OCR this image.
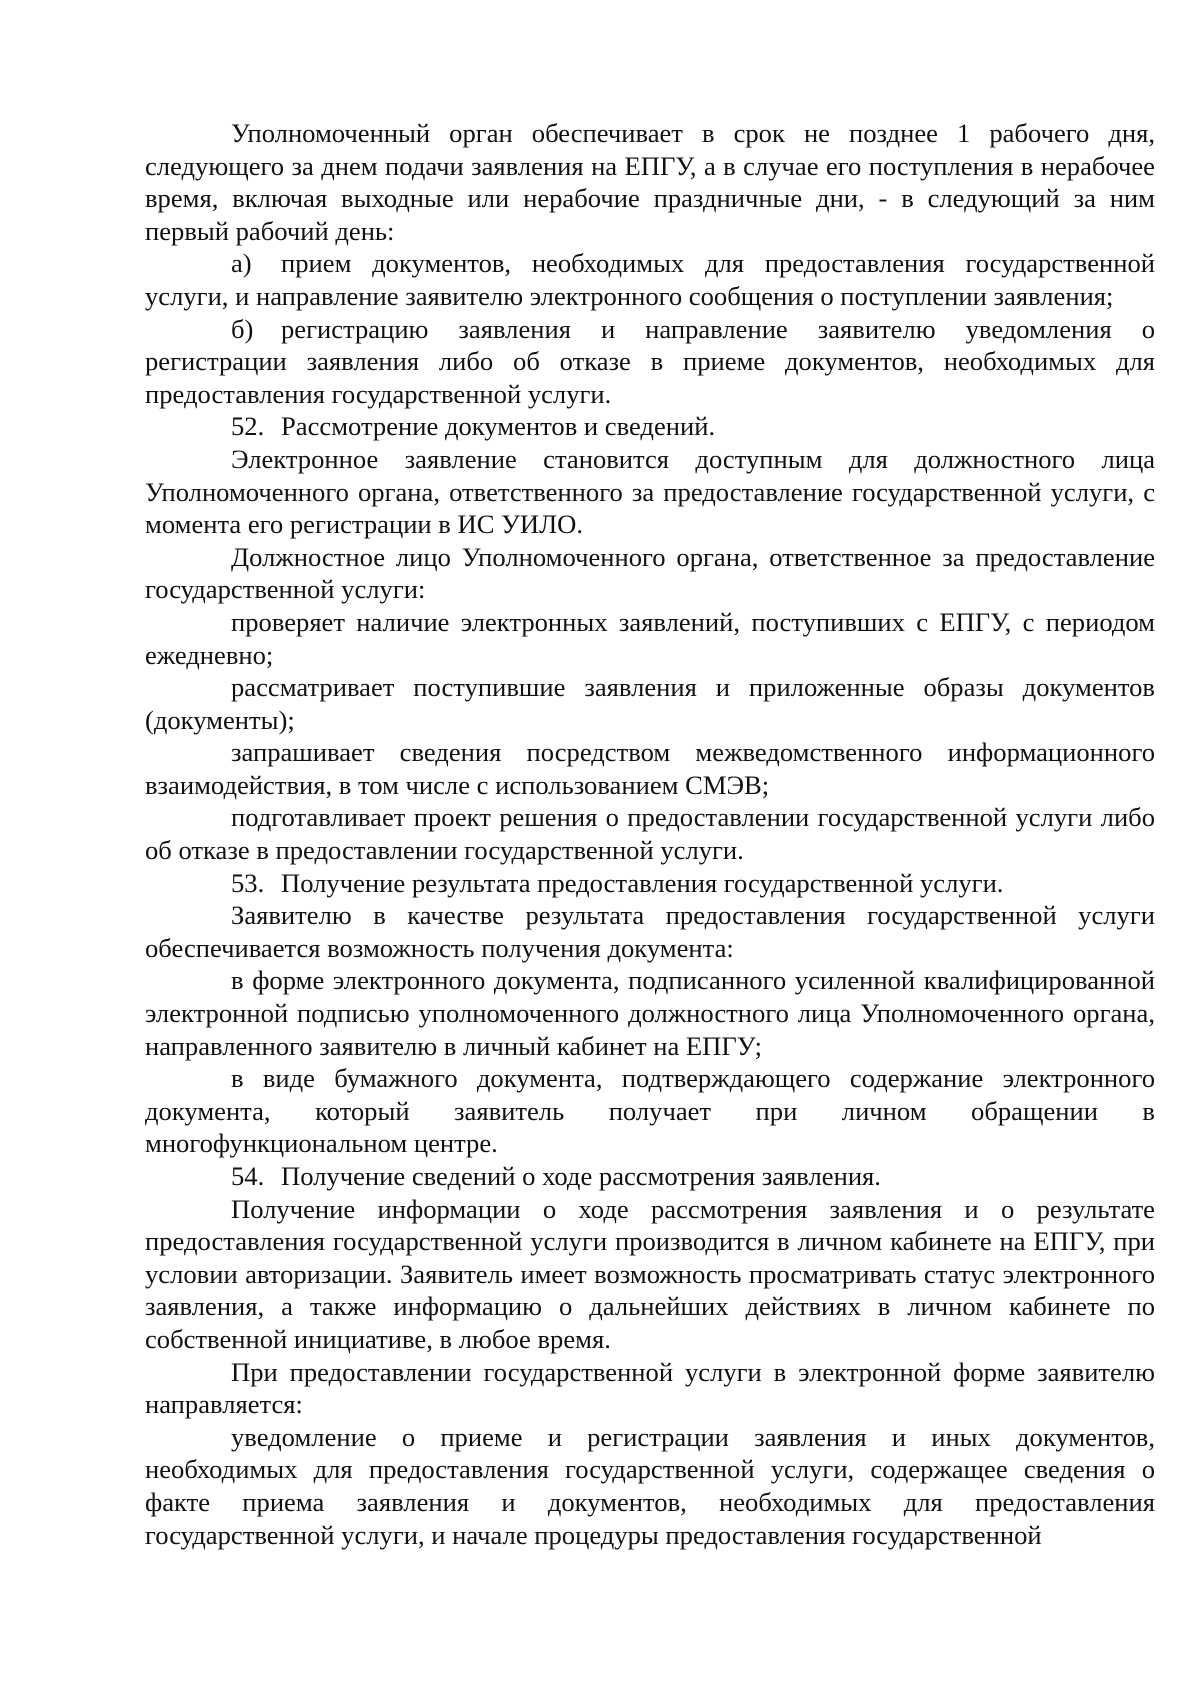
Уполномоченный орган обеспечивает в срок не позднее 1 рабочего дня, следующего за днем подачи заявления на ЕПГУ, а в случае его поступления в нерабочее время, включая выходные или нерабочие праздничные дни, - в следующий за ним первый рабочий день:

а) прием документов, необходимых для предоставления государственной услуги, и направление заявителю электронного сообщения о поступлении заявления;

б) регистрацию заявления и направление заявителю уведомления о регистрации заявления либо об отказе в приеме документов, необходимых для предоставления государственной услуги.

52. Рассмотрение документов и сведений.

Электронное заявление становится доступным для должностного лица Уполномоченного органа, ответственного за предоставление государственной услуги, с момента его регистрации в ИС УИЛО.

Должностное лицо Уполномоченного органа, ответственное за предоставление государственной услуги:

проверяет наличие электронных заявлений, поступивших с ЕПГУ, с периодом ежедневно;

рассматривает поступившие заявления и приложенные образы документов (документы);

запрашивает сведения посредством межведомственного информационного взаимодействия, в том числе с использованием СМЭВ;

подготавливает проект решения о предоставлении государственной услуги либо об отказе в предоставлении государственной услуги.

53. Получение результата предоставления государственной услуги.

Заявителю в качестве результата предоставления государственной услуги обеспечивается возможность получения документа:

в форме электронного документа, подписанного усиленной квалифицированной электронной подписью уполномоченного должностного лица Уполномоченного органа, направленного заявителю в личный кабинет на ЕПГУ;

в виде бумажного документа, подтверждающего содержание электронного документа, который заявитель получает при личном обращении в многофункциональном центре.

54. Получение сведений о ходе рассмотрения заявления.

Получение информации о ходе рассмотрения заявления и о результате предоставления государственной услуги производится в личном кабинете на ЕПГУ, при условии авторизации. Заявитель имеет возможность просматривать статус электронного заявления, а также информацию о дальнейших действиях в личном кабинете по собственной инициативе, в любое время.

При предоставлении государственной услуги в электронной форме заявителю направляется:

уведомление о приеме и регистрации заявления и иных документов, необходимых для предоставления государственной услуги, содержащее сведения о факте приема заявления и документов, необходимых для предоставления государственной услуги, и начале процедуры предоставления государственной
